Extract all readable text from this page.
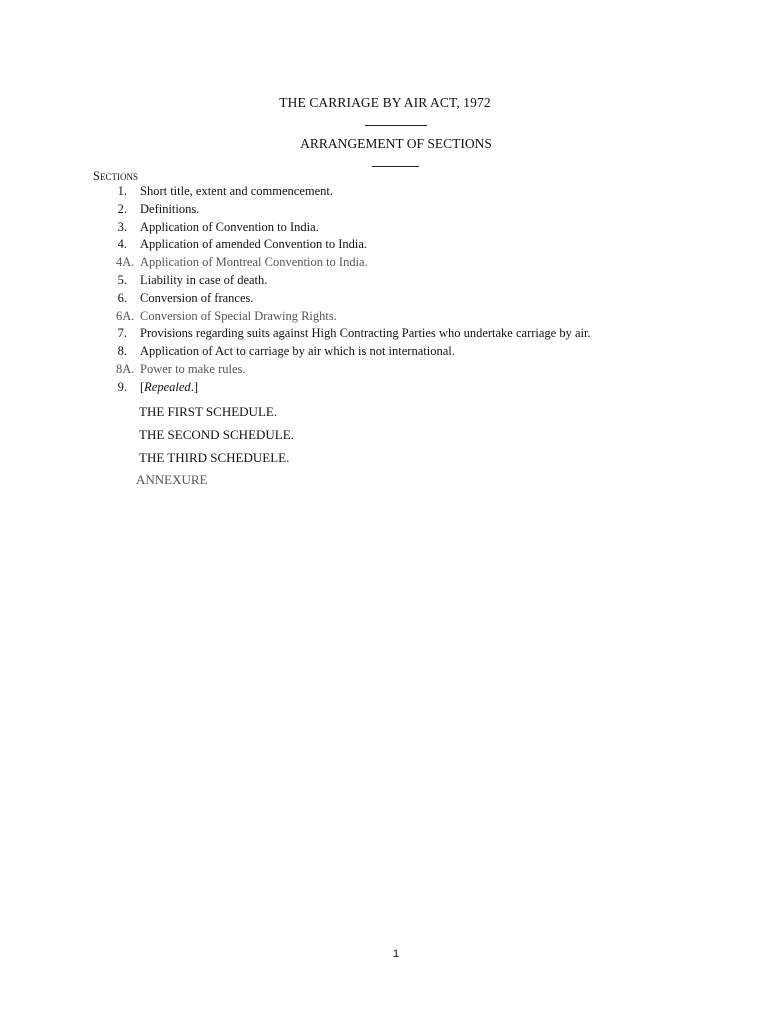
THE CARRIAGE BY AIR ACT, 1972
ARRANGEMENT OF SECTIONS
Sections
1. Short title, extent and commencement.
2. Definitions.
3. Application of Convention to India.
4. Application of amended Convention to India.
4A. Application of Montreal Convention to India.
5. Liability in case of death.
6. Conversion of frances.
6A. Conversion of Special Drawing Rights.
7. Provisions regarding suits against High Contracting Parties who undertake carriage by air.
8. Application of Act to carriage by air which is not international.
8A. Power to make rules.
9. [Repealed.]
THE FIRST SCHEDULE.
THE SECOND SCHEDULE.
THE THIRD SCHEDUELE.
ANNEXURE
1
